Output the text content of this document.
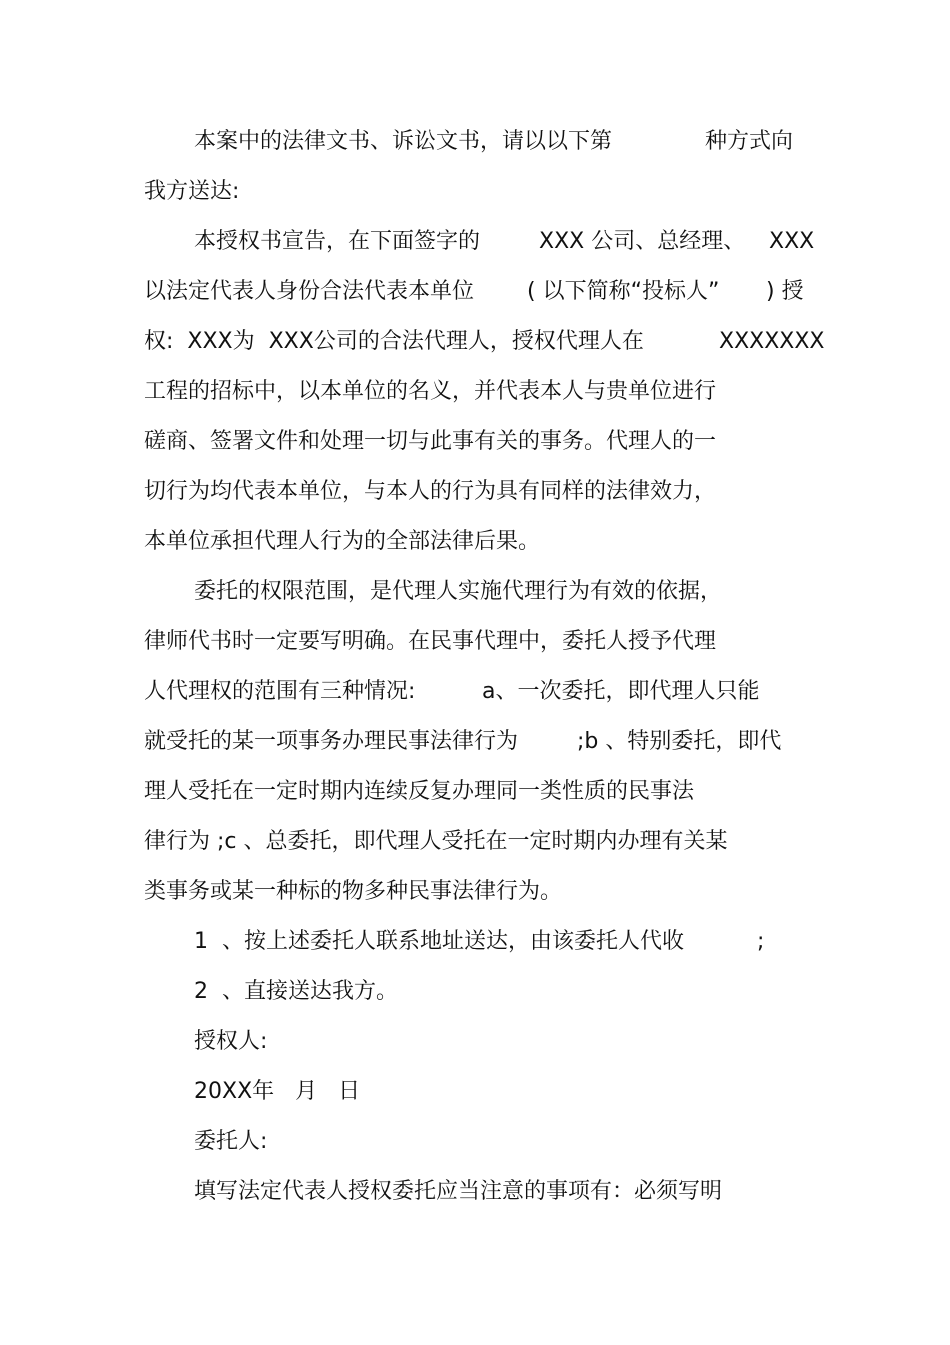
本案中的法律文书、诉讼文书，请以以下第

	种方式向

我方送达:

本授权书宣告，在下面签字的

	XXX 公司、总经理、

XXX

以法定代表人身份合法代表本单位

( 以下简称“投标人”

) 授

权:  XXX为  XXX公司的合法代理人，授权代理人在

	XXXXXXX

工程的招标中，以本单位的名义，并代表本人与贵单位进行

磋商、签署文件和处理一切与此事有关的事务。代理人的一

切行为均代表本单位，与本人的行为具有同样的法律效力，

本单位承担代理人行为的全部法律后果。

委托的权限范围，是代理人实施代理行为有效的依据，

律师代书时一定要写明确。在民事代理中，委托人授予代理

人代理权的范围有三种情况:

	a、一次委托，即代理人只能

就受托的某一项事务办理民事法律行为

	;b 、特别委托，即代

理人受托在一定时期内连续反复办理同一类性质的民事法

律行为 ;c 、总委托，即代理人受托在一定时期内办理有关某

类事务或某一种标的物多种民事法律行为。

1  、按上述委托人联系地址送达，由该委托人代收

	;

2  、直接送达我方。

授权人:

20XX年   月   日

委托人:

填写法定代表人授权委托应当注意的事项有：必须写明
